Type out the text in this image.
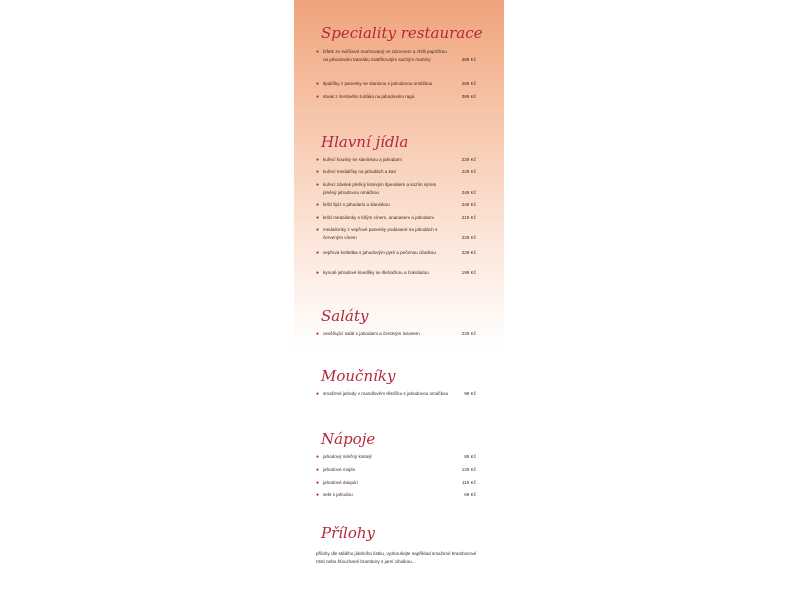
Speciality restaurace
● biftek ze svíčkové marinovaný ve zázvorem a chilli papričkou na jahodovém tataráku zastříknutým suchým martiny	389 Kč
● špalíčky z panenky se slaninou s jahodovou omáčkou	269 Kč
● steak z čerstvého tuňáka na jahodovém ragú	389 Kč
Hlavní jídla
● kuřecí kousky se slaninkou a jahodami	229 Kč
● kuřecí medailčky na jahodách a kari	229 Kč
● kuřecí závitek plněný listovým špenátem a kozím sýrem plněný jahodovou omáčkou	249 Kč
● krůtí špíz s jahodami a slaninkou	249 Kč
● krůtí medailonky s bílým vínem, ananasem a jahodami	219 Kč
● medailonky z vepřové panenky podávané na jahodách s červeným vínem	229 Kč
● vepřová kotlettka s jahodovým pyré a pečenou cibulkou	229 Kč
● kynuté jahodové knedlíky se šlehačkou a čokoládou	199 Kč
Saláty
● osvěžující salát s jahodami a čerstvým lososem	229 Kč
Moučníky
● smažené jahody v mandlovém těstíčku s jahodovou omáčkou	99 Kč
Nápoje
● jahodový mléčný koktejl	85 Kč
● jahodové mojito	129 Kč
● jahodové daiquiri	119 Kč
● sekt s jahodou	69 Kč
Přílohy
přílohy dle stálého jídelního lístku, vyzkoušejte například smažené bramborové rösti nebo šťouchané brambory s jarní cibulkou...
